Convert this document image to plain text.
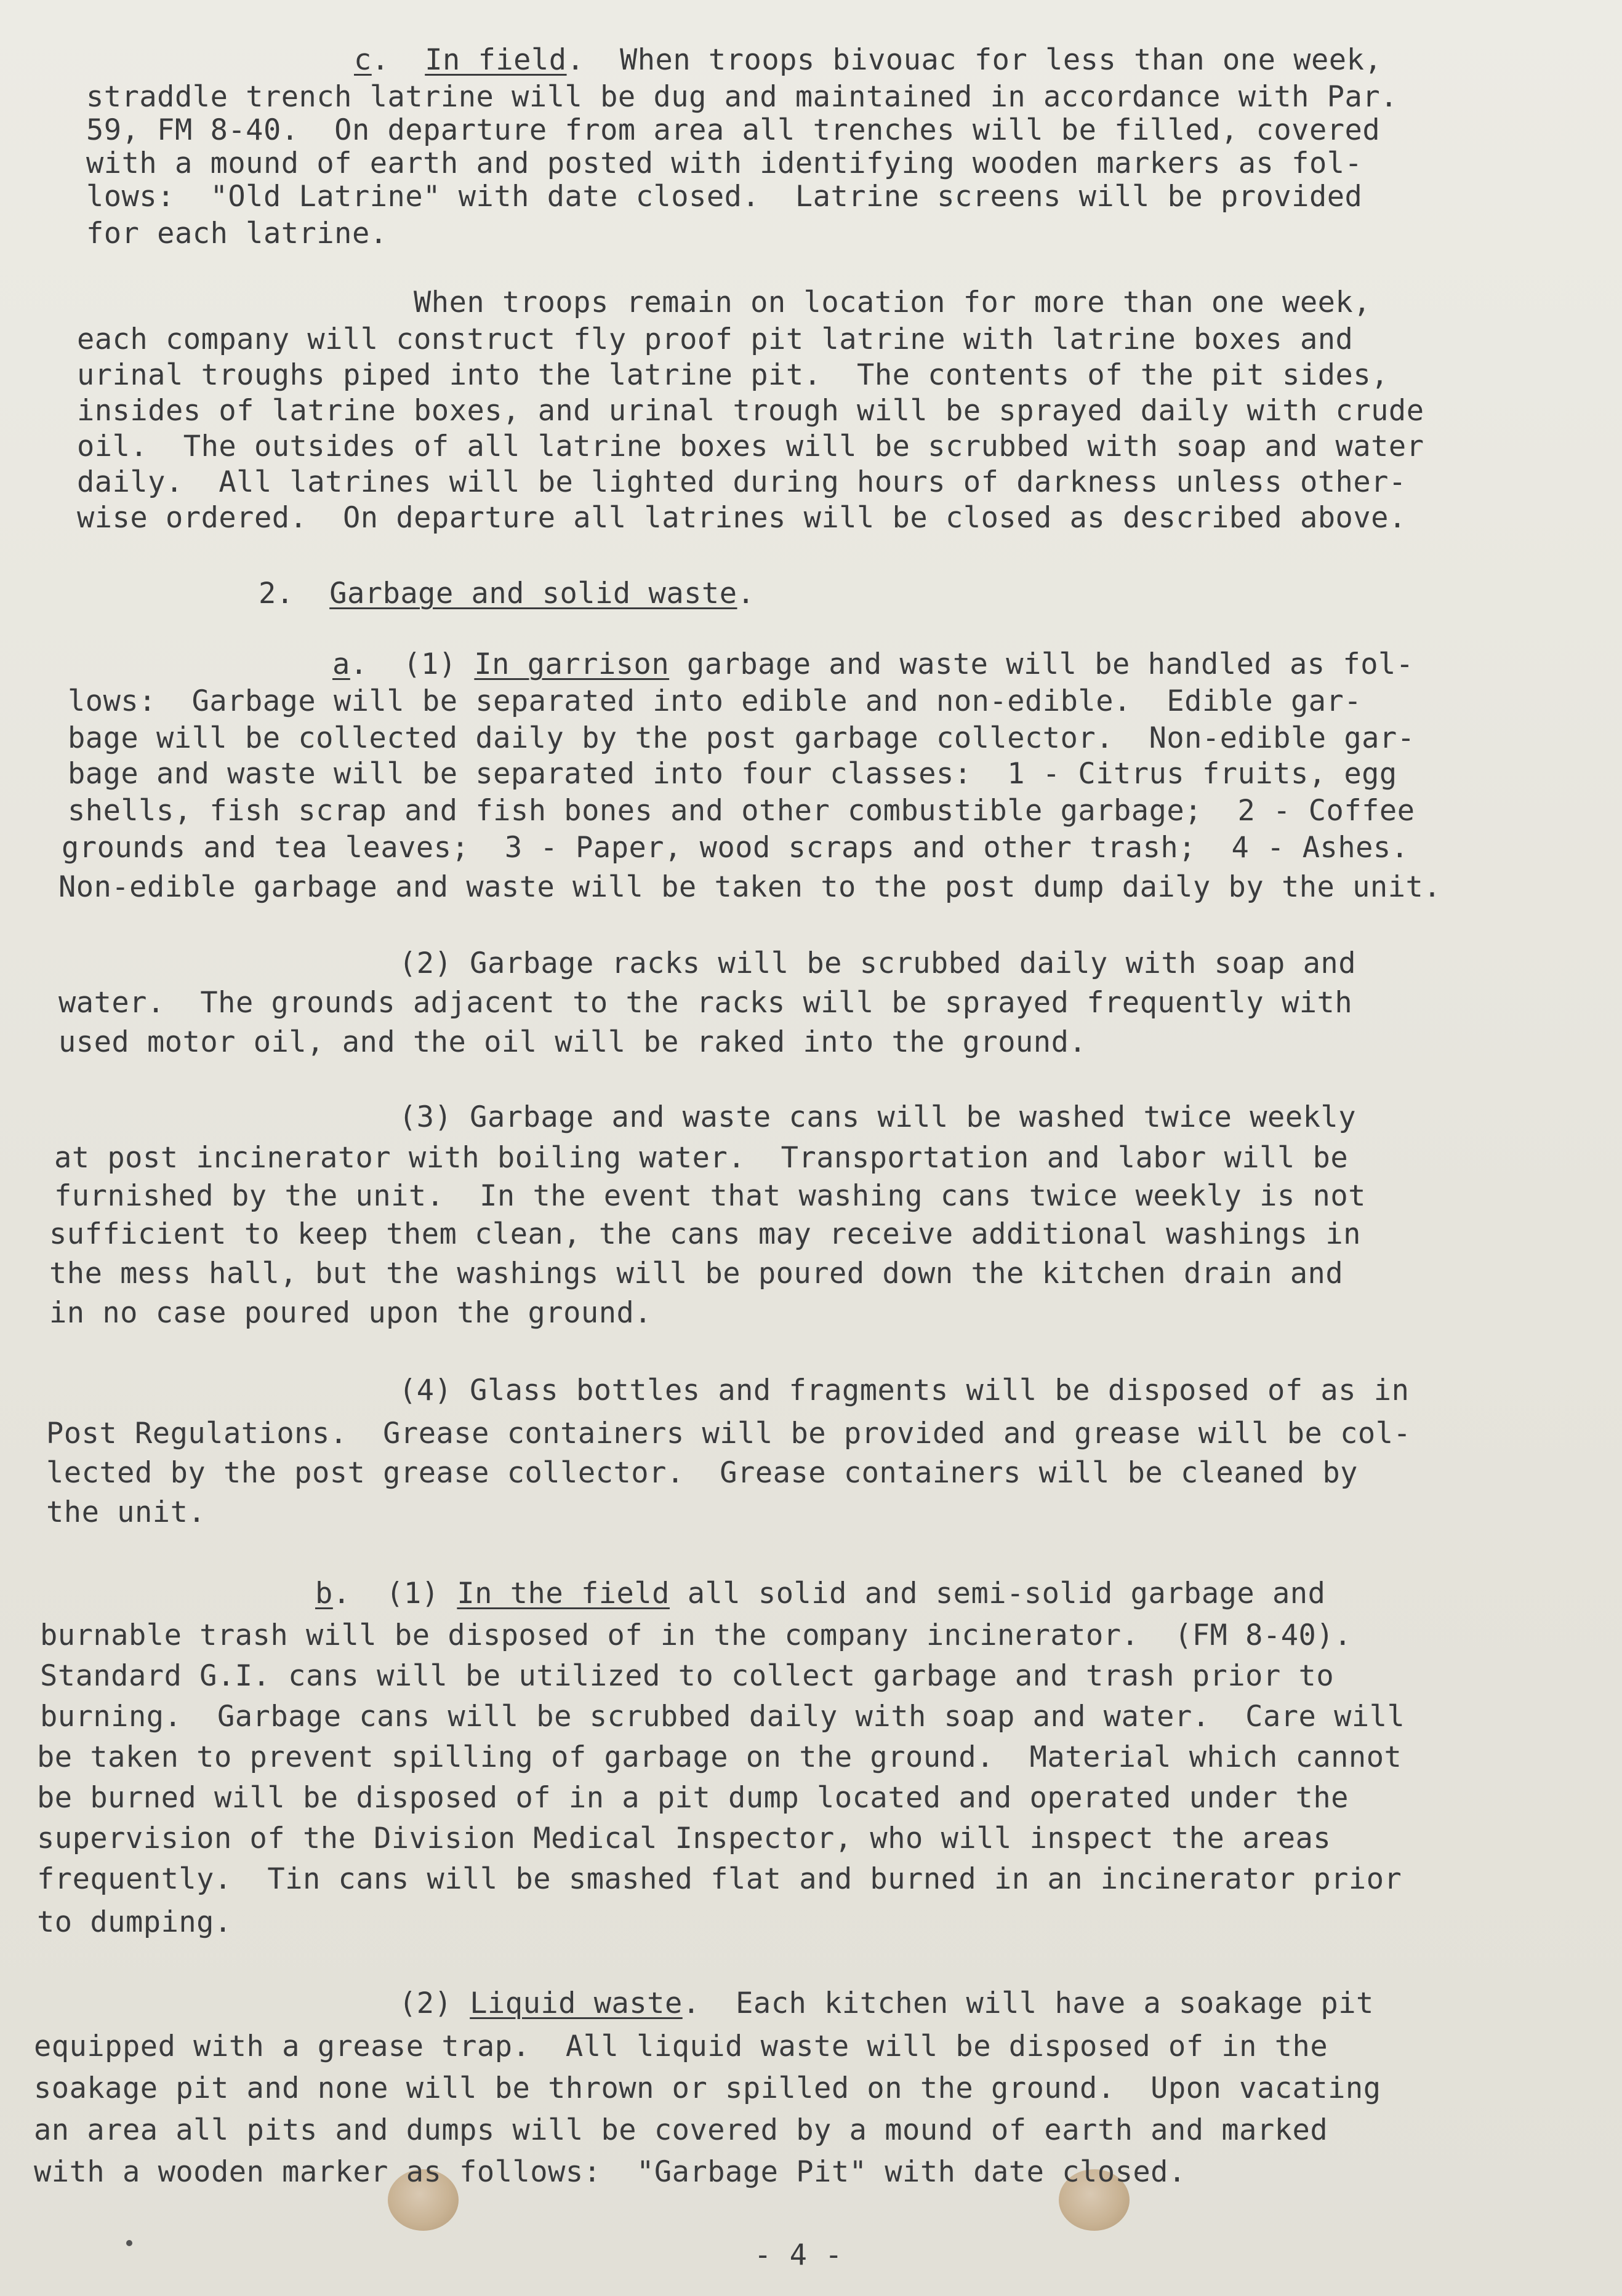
c.  In field.  When troops bivouac for less than one week,
straddle trench latrine will be dug and maintained in accordance with Par.
59, FM 8-40.  On departure from area all trenches will be filled, covered
with a mound of earth and posted with identifying wooden markers as fol-
lows:  "Old Latrine" with date closed.  Latrine screens will be provided
for each latrine.
When troops remain on location for more than one week,
each company will construct fly proof pit latrine with latrine boxes and
urinal troughs piped into the latrine pit.  The contents of the pit sides,
insides of latrine boxes, and urinal trough will be sprayed daily with crude
oil.  The outsides of all latrine boxes will be scrubbed with soap and water
daily.  All latrines will be lighted during hours of darkness unless other-
wise ordered.  On departure all latrines will be closed as described above.
2.  Garbage and solid waste.
a.  (1) In garrison garbage and waste will be handled as fol-
lows:  Garbage will be separated into edible and non-edible.  Edible gar-
bage will be collected daily by the post garbage collector.  Non-edible gar-
bage and waste will be separated into four classes:  1 - Citrus fruits, egg
shells, fish scrap and fish bones and other combustible garbage;  2 - Coffee
grounds and tea leaves;  3 - Paper, wood scraps and other trash;  4 - Ashes.
Non-edible garbage and waste will be taken to the post dump daily by the unit.
(2) Garbage racks will be scrubbed daily with soap and
water.  The grounds adjacent to the racks will be sprayed frequently with
used motor oil, and the oil will be raked into the ground.
(3) Garbage and waste cans will be washed twice weekly
at post incinerator with boiling water.  Transportation and labor will be
furnished by the unit.  In the event that washing cans twice weekly is not
sufficient to keep them clean, the cans may receive additional washings in
the mess hall, but the washings will be poured down the kitchen drain and
in no case poured upon the ground.
(4) Glass bottles and fragments will be disposed of as in
Post Regulations.  Grease containers will be provided and grease will be col-
lected by the post grease collector.  Grease containers will be cleaned by
the unit.
b.  (1) In the field all solid and semi-solid garbage and
burnable trash will be disposed of in the company incinerator.  (FM 8-40).
Standard G.I. cans will be utilized to collect garbage and trash prior to
burning.  Garbage cans will be scrubbed daily with soap and water.  Care will
be taken to prevent spilling of garbage on the ground.  Material which cannot
be burned will be disposed of in a pit dump located and operated under the
supervision of the Division Medical Inspector, who will inspect the areas
frequently.  Tin cans will be smashed flat and burned in an incinerator prior
to dumping.
(2) Liquid waste.  Each kitchen will have a soakage pit
equipped with a grease trap.  All liquid waste will be disposed of in the
soakage pit and none will be thrown or spilled on the ground.  Upon vacating
an area all pits and dumps will be covered by a mound of earth and marked
with a wooden marker as follows:  "Garbage Pit" with date closed.
- 4 -
